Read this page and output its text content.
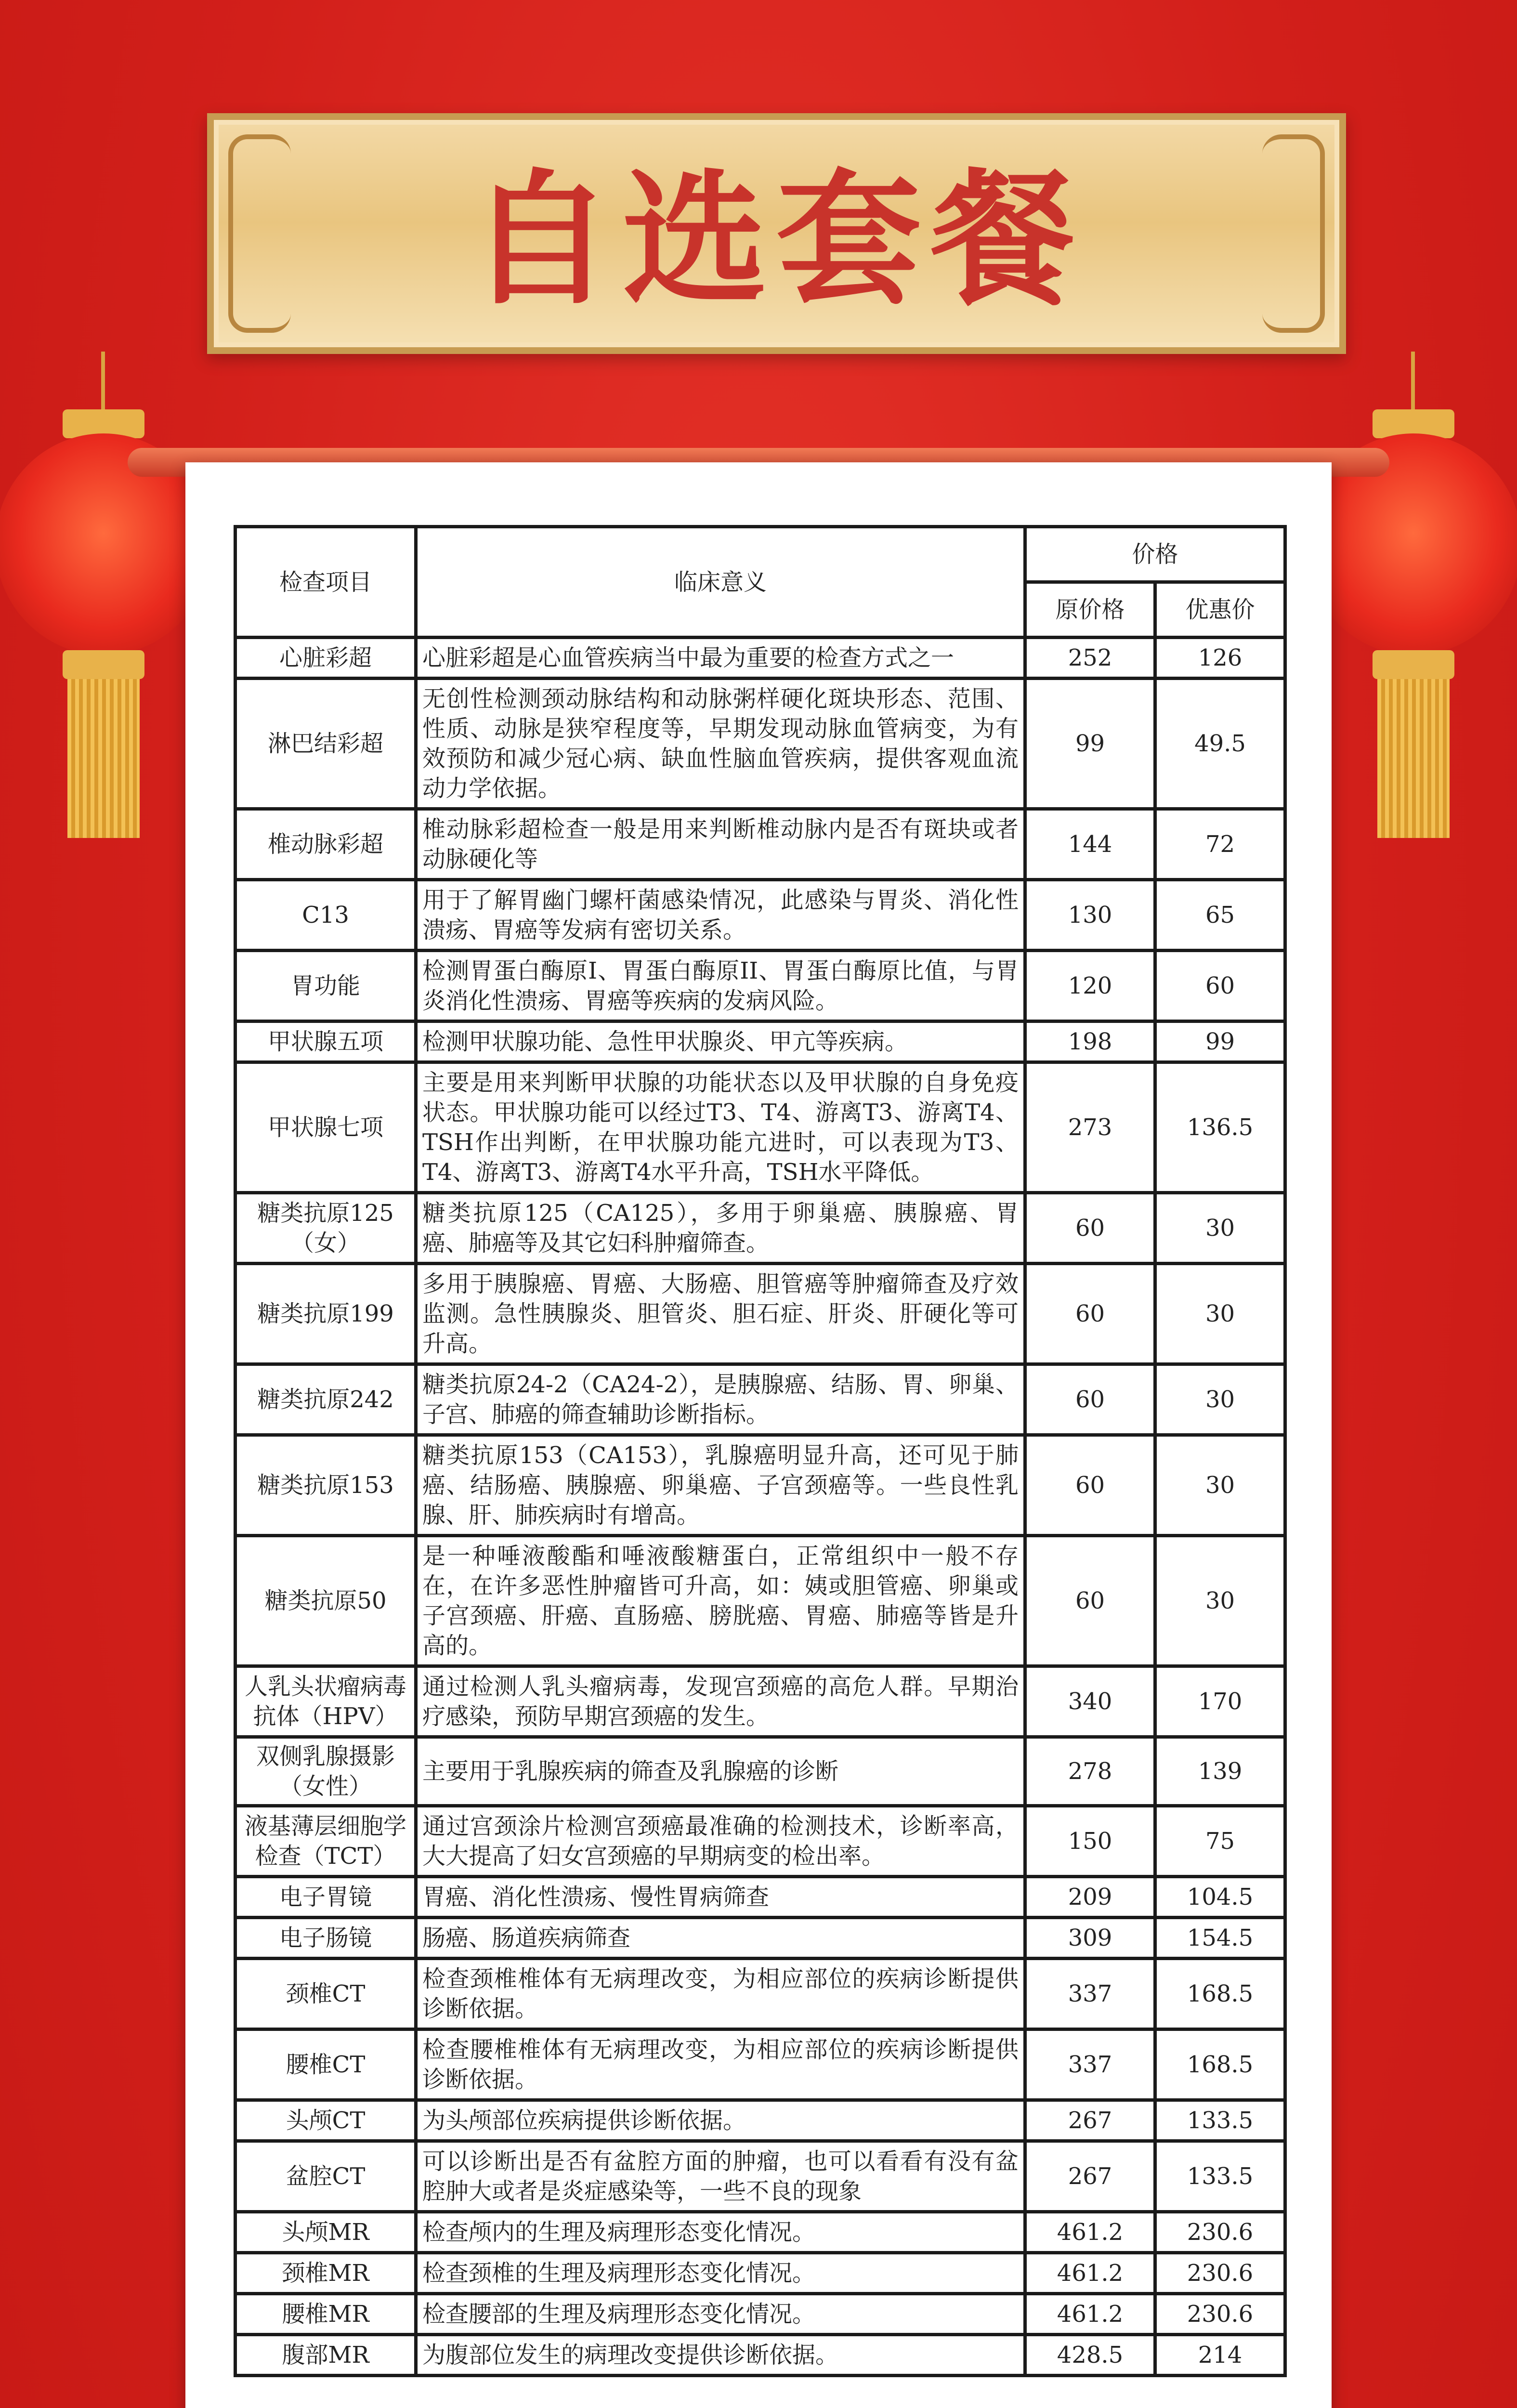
自选套餐
检查项目	临床意义	价格	
		原价格	优惠价
心脏彩超	心脏彩超是心血管疾病当中最为重要的检查方式之一	252	126
淋巴结彩超	无创性检测颈动脉结构和动脉粥样硬化斑块形态、范围、性质、动脉是狭窄程度等，早期发现动脉血管病变，为有效预防和减少冠心病、缺血性脑血管疾病，提供客观血流动力学依据。	99	49.5
椎动脉彩超	椎动脉彩超检查一般是用来判断椎动脉内是否有斑块或者动脉硬化等	144	72
C13	用于了解胃幽门螺杆菌感染情况，此感染与胃炎、消化性溃疡、胃癌等发病有密切关系。	130	65
胃功能	检测胃蛋白酶原I、胃蛋白酶原II、胃蛋白酶原比值，与胃炎消化性溃疡、胃癌等疾病的发病风险。	120	60
甲状腺五项	检测甲状腺功能、急性甲状腺炎、甲亢等疾病。	198	99
甲状腺七项	主要是用来判断甲状腺的功能状态以及甲状腺的自身免疫状态。甲状腺功能可以经过T3、T4、游离T3、游离T4、TSH作出判断，在甲状腺功能亢进时，可以表现为T3、T4、游离T3、游离T4水平升高，TSH水平降低。	273	136.5
糖类抗原125（女）	糖类抗原125（CA125），多用于卵巢癌、胰腺癌、胃癌、肺癌等及其它妇科肿瘤筛查。	60	30
糖类抗原199	多用于胰腺癌、胃癌、大肠癌、胆管癌等肿瘤筛查及疗效监测。急性胰腺炎、胆管炎、胆石症、肝炎、肝硬化等可升高。	60	30
糖类抗原242	糖类抗原24-2（CA24-2），是胰腺癌、结肠、胃、卵巢、子宫、肺癌的筛查辅助诊断指标。	60	30
糖类抗原153	糖类抗原153（CA153），乳腺癌明显升高，还可见于肺癌、结肠癌、胰腺癌、卵巢癌、子宫颈癌等。一些良性乳腺、肝、肺疾病时有增高。	60	30
糖类抗原50	是一种唾液酸酯和唾液酸糖蛋白，正常组织中一般不存在，在许多恶性肿瘤皆可升高，如：姨或胆管癌、卵巢或子宫颈癌、肝癌、直肠癌、膀胱癌、胃癌、肺癌等皆是升高的。	60	30
人乳头状瘤病毒抗体（HPV）	通过检测人乳头瘤病毒，发现宫颈癌的高危人群。早期治疗感染，预防早期宫颈癌的发生。	340	170
双侧乳腺摄影（女性）	主要用于乳腺疾病的筛查及乳腺癌的诊断	278	139
液基薄层细胞学检查（TCT）	通过宫颈涂片检测宫颈癌最准确的检测技术，诊断率高，大大提高了妇女宫颈癌的早期病变的检出率。	150	75
电子胃镜	胃癌、消化性溃疡、慢性胃病筛查	209	104.5
电子肠镜	肠癌、肠道疾病筛查	309	154.5
颈椎CT	检查颈椎椎体有无病理改变，为相应部位的疾病诊断提供诊断依据。	337	168.5
腰椎CT	检查腰椎椎体有无病理改变，为相应部位的疾病诊断提供诊断依据。	337	168.5
头颅CT	为头颅部位疾病提供诊断依据。	267	133.5
盆腔CT	可以诊断出是否有盆腔方面的肿瘤，也可以看看有没有盆腔肿大或者是炎症感染等，一些不良的现象	267	133.5
头颅MR	检查颅内的生理及病理形态变化情况。	461.2	230.6
颈椎MR	检查颈椎的生理及病理形态变化情况。	461.2	230.6
腰椎MR	检查腰部的生理及病理形态变化情况。	461.2	230.6
腹部MR	为腹部位发生的病理改变提供诊断依据。	428.5	214
